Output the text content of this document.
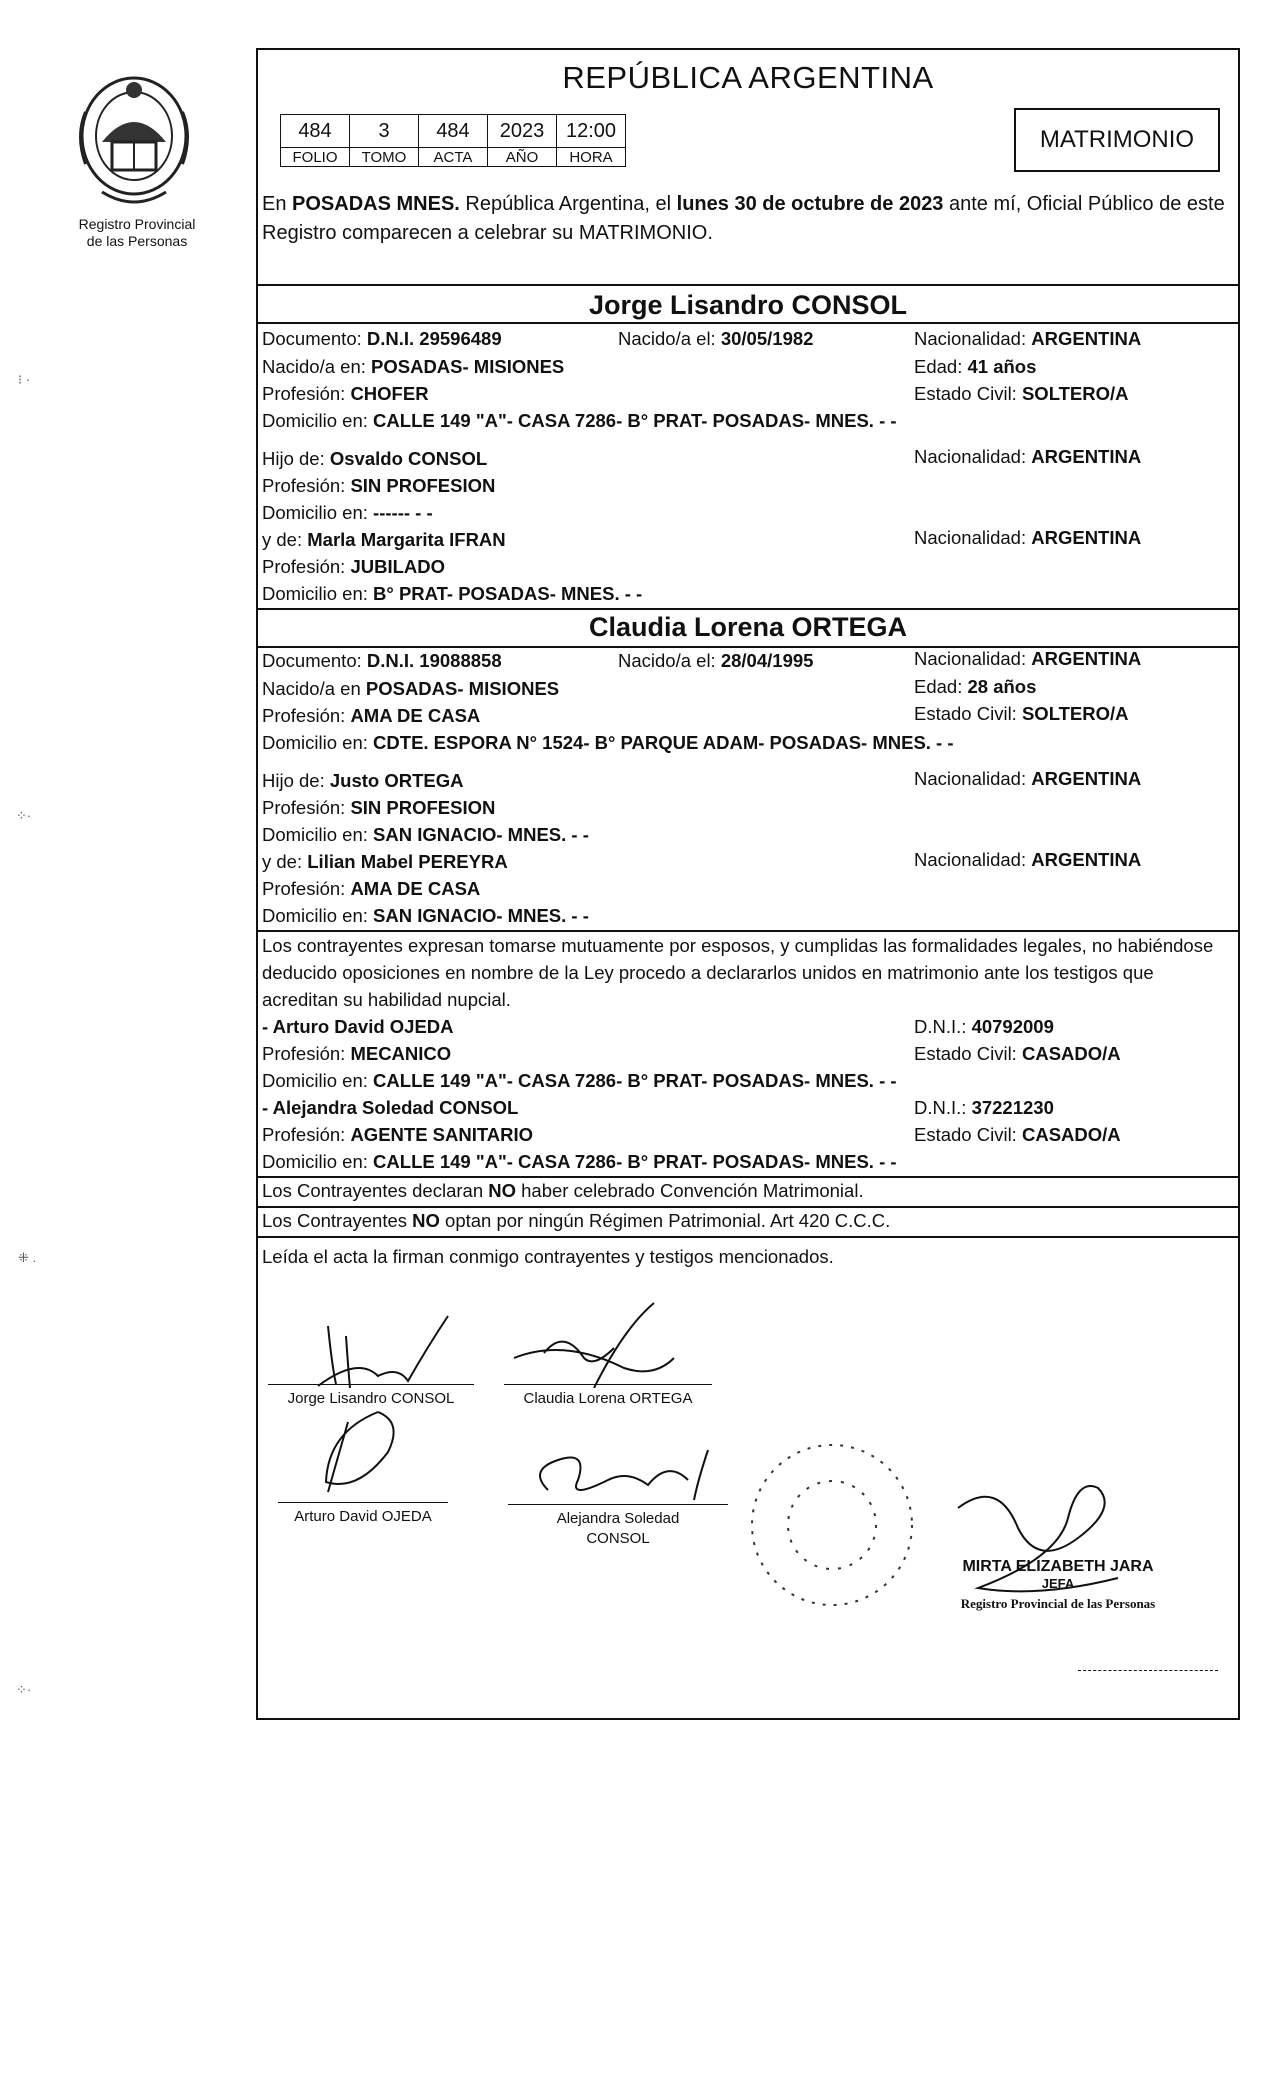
Registro Provincial
de las Personas
⁝ ·
⁘·
⁜ .
⁘·
REPÚBLICA ARGENTINA
484	3	484	2023	12:00
FOLIO	TOMO	ACTA	AÑO	HORA
MATRIMONIO
En POSADAS MNES. República Argentina, el lunes 30 de octubre de 2023 ante mí, Oficial Público de este Registro comparecen a celebrar su MATRIMONIO.
Jorge Lisandro CONSOL
Documento: D.N.I. 29596489	Nacido/a el: 30/05/1982	Nacionalidad: ARGENTINA
Nacido/a en: POSADAS- MISIONES	Edad: 41 años
Profesión: CHOFER	Estado Civil: SOLTERO/A
Domicilio en: CALLE 149 "A"- CASA 7286- B° PRAT- POSADAS- MNES. - -
Hijo de: Osvaldo CONSOL	Nacionalidad: ARGENTINA
Profesión: SIN PROFESION
Domicilio en: ------ - -
y de: Marla Margarita IFRAN	Nacionalidad: ARGENTINA
Profesión: JUBILADO
Domicilio en: B° PRAT- POSADAS- MNES. - -
Claudia Lorena ORTEGA
Documento: D.N.I. 19088858	Nacido/a el: 28/04/1995	Nacionalidad: ARGENTINA
Nacido/a en POSADAS- MISIONES	Edad: 28 años
Profesión: AMA DE CASA	Estado Civil: SOLTERO/A
Domicilio en: CDTE. ESPORA N° 1524- B° PARQUE ADAM- POSADAS- MNES. - -
Hijo de: Justo ORTEGA	Nacionalidad: ARGENTINA
Profesión: SIN PROFESION
Domicilio en: SAN IGNACIO- MNES. - -
y de: Lilian Mabel PEREYRA	Nacionalidad: ARGENTINA
Profesión: AMA DE CASA
Domicilio en: SAN IGNACIO- MNES. - -
Los contrayentes expresan tomarse mutuamente por esposos, y cumplidas las formalidades legales, no habiéndose deducido oposiciones en nombre de la Ley procedo a declararlos unidos en matrimonio ante los testigos que acreditan su habilidad nupcial.
- Arturo David OJEDA	D.N.I.: 40792009
Profesión: MECANICO	Estado Civil: CASADO/A
Domicilio en: CALLE 149 "A"- CASA 7286- B° PRAT- POSADAS- MNES. - -
- Alejandra Soledad CONSOL	D.N.I.: 37221230
Profesión: AGENTE SANITARIO	Estado Civil: CASADO/A
Domicilio en: CALLE 149 "A"- CASA 7286- B° PRAT- POSADAS- MNES. - -
Los Contrayentes declaran NO haber celebrado Convención Matrimonial.
Los Contrayentes NO optan por ningún Régimen Patrimonial. Art 420 C.C.C.
Leída el acta la firman conmigo contrayentes y testigos mencionados.
Jorge Lisandro CONSOL	Claudia Lorena ORTEGA
Arturo David OJEDA	Alejandra Soledad
CONSOL
MIRTA ELIZABETH JARA
JEFA
Registro Provincial de las Personas
